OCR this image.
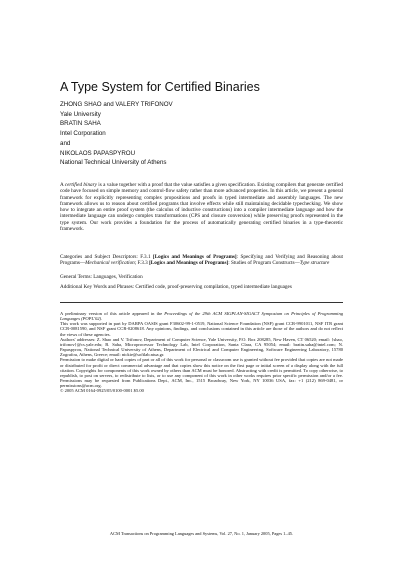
A Type System for Certified Binaries
ZHONG SHAO and VALERY TRIFONOV
Yale University
BRATIN SAHA
Intel Corporation
and
NIKOLAOS PAPASPYROU
National Technical University of Athens
A certified binary is a value together with a proof that the value satisfies a given specification. Existing compilers that generate certified code have focused on simple memory and control-flow safety rather than more advanced properties. In this article, we present a general framework for explicitly representing complex propositions and proofs in typed intermediate and assembly languages. The new framework allows us to reason about certified programs that involve effects while still maintaining decidable typechecking. We show how to integrate an entire proof system (the calculus of inductive constructions) into a compiler intermediate language and how the intermediate language can undergo complex transformations (CPS and closure conversion) while preserving proofs represented in the type system. Our work provides a foundation for the process of automatically generating certified binaries in a type-theoretic framework.
Categories and Subject Descriptors: F.3.1 [Logics and Meanings of Programs]: Specifying and Verifying and Reasoning about Programs—Mechanical verification; F.3.3 [Logics and Meanings of Programs]: Studies of Program Constructs—Type structure
General Terms: Languages, Verification
Additional Key Words and Phrases: Certified code, proof-preserving compilation, typed intermediate languages

A preliminary version of this article appeared in the Proceedings of the 29th ACM SIGPLAN-SIGACT Symposium on Principles of Programming Languages (POPL'02).

This work was supported in part by DARPA OASIS grant F30602-99-1-0519, National Science Foundation (NSF) grant CCR-9901011, NSF ITR grant CCR-0081590, and NSF grant CCR-0208618. Any opinions, findings, and conclusions contained in this article are those of the authors and do not reflect the views of these agencies.

Authors' addresses: Z. Shao and V. Trifonov, Department of Computer Science, Yale University, P.O. Box 208285, New Haven, CT 06520; email: {shao, trifonov}@cs.yale.edu; B. Saha, Microprocessor Technology Lab, Intel Corporation, Santa Clara, CA 95054; email: bratin.saha@intel.com; N. Papaspyrou, National Technical University of Athens, Department of Electrical and Computer Engineering, Software Engineering Laboratory, 15780 Zografou, Athens, Greece; email: nickie@softlab.ntua.gr.

Permission to make digital or hard copies of part or all of this work for personal or classroom use is granted without fee provided that copies are not made or distributed for profit or direct commercial advantage and that copies show this notice on the first page or initial screen of a display along with the full citation. Copyrights for components of this work owned by others than ACM must be honored. Abstracting with credit is permitted. To copy otherwise, to republish, to post on servers, to redistribute to lists, or to use any component of this work in other works requires prior specific permission and/or a fee. Permissions may be requested from Publications Dept., ACM, Inc., 1515 Broadway, New York, NY 10036 USA, fax: +1 (212) 869-0481, or permissions@acm.org.

© 2005 ACM 0164-0925/05/0100-0001 $5.00

ACM Transactions on Programming Languages and Systems, Vol. 27, No. 1, January 2005, Pages 1–45.
